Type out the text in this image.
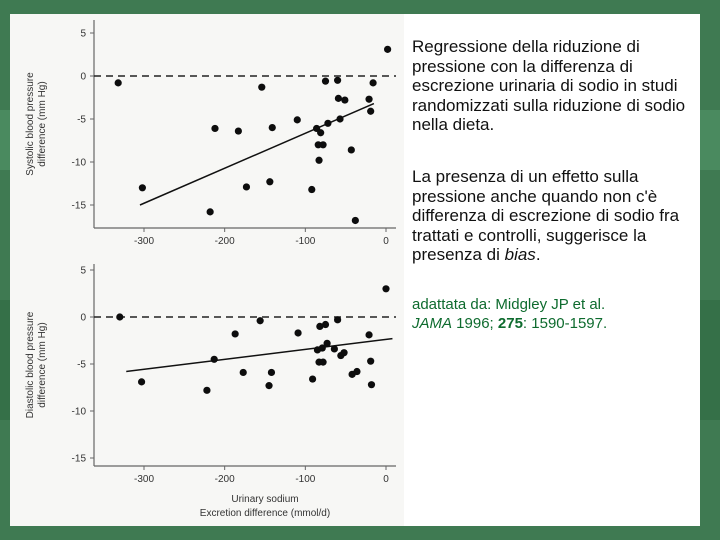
5
0
-5
-10
-15
-300	-200	-100	0
Systolic blood pressure difference (mm Hg)
5
0
-5
-10
-15
-300	-200	-100	0
Diastolic blood pressure difference (mm Hg)
Urinary sodium
Excretion difference (mmol/d)
Regressione della riduzione di pressione con la differenza di escrezione urinaria di sodio in studi randomizzati sulla riduzione di sodio nella dieta.
La presenza di un effetto sulla pressione anche quando non c'è differenza di escrezione di sodio fra trattati e controlli, suggerisce la presenza di bias.
adattata da: Midgley JP et al.
JAMA 1996; 275: 1590-1597.
